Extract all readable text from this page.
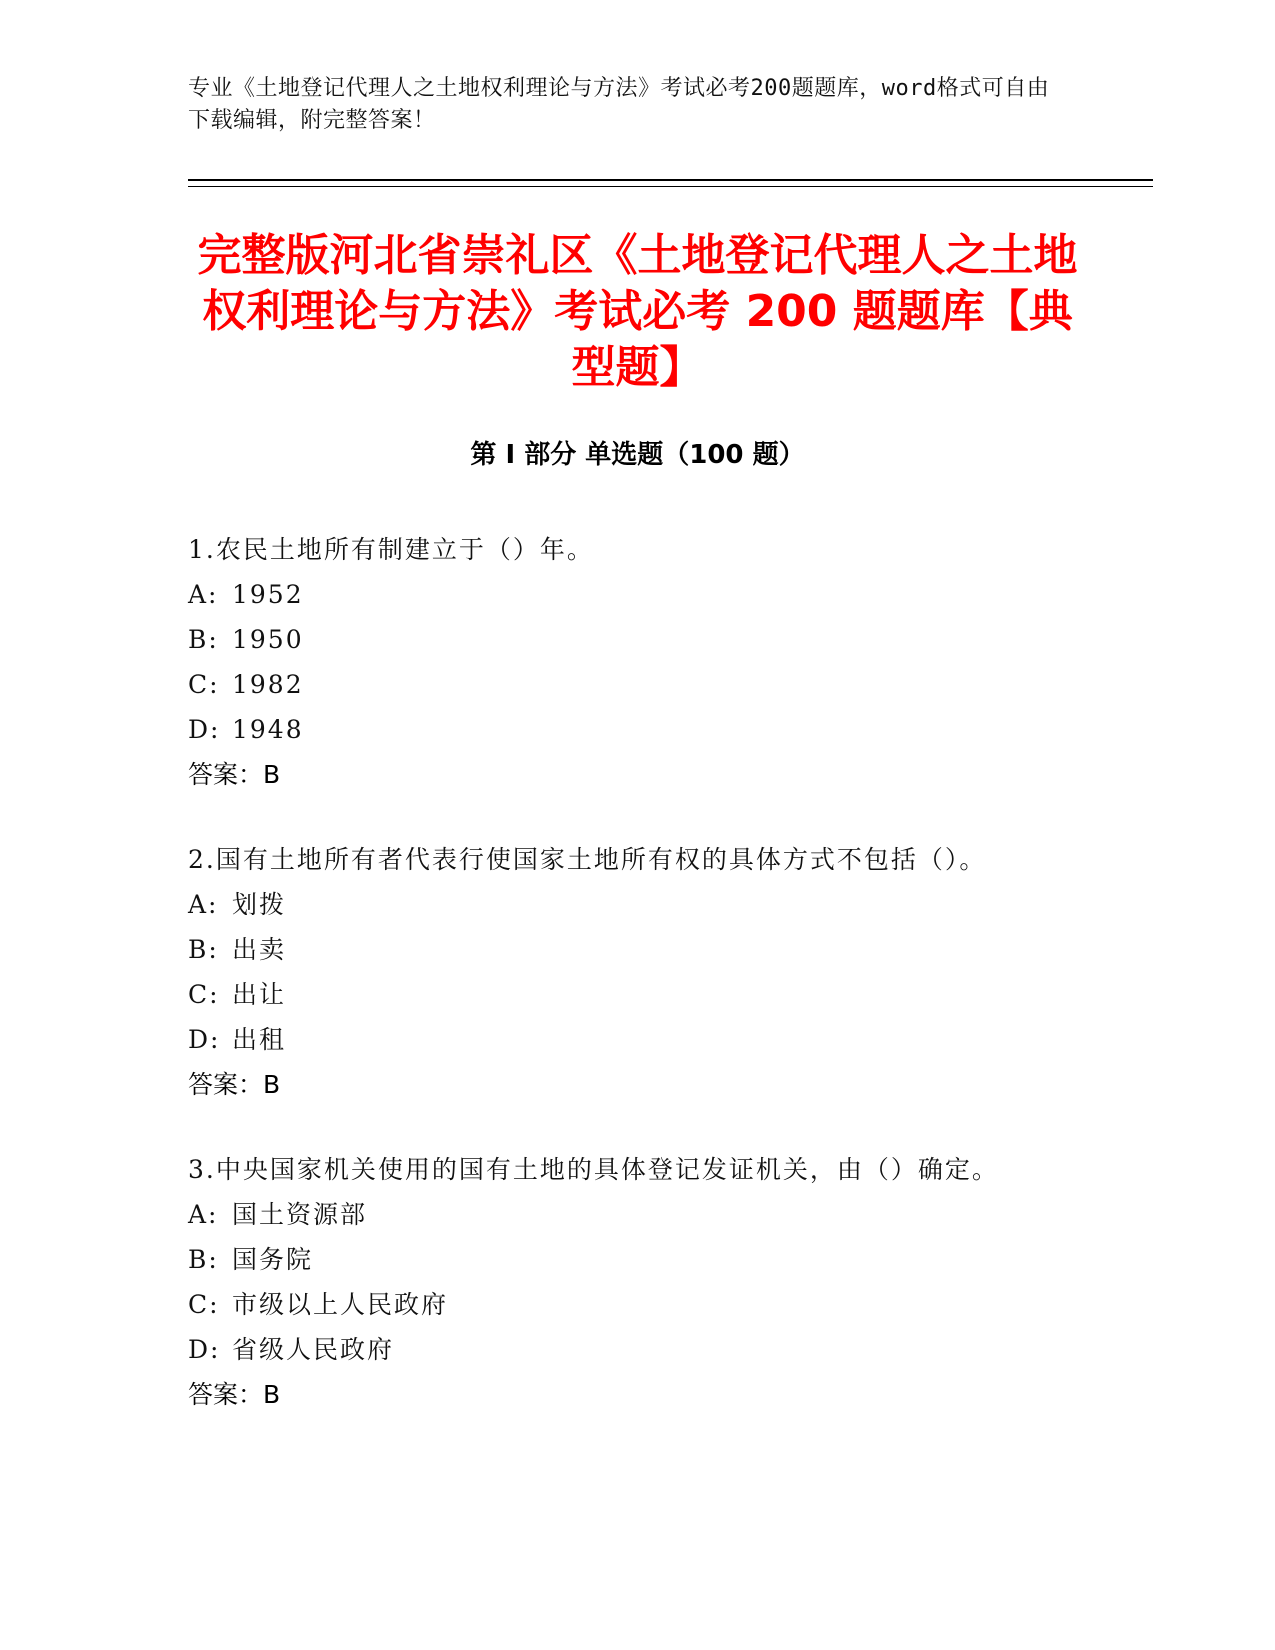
专业《土地登记代理人之土地权利理论与方法》考试必考200题题库，word格式可自由下载编辑，附完整答案！
完整版河北省崇礼区《土地登记代理人之土地权利理论与方法》考试必考 200 题题库【典型题】
第 I 部分 单选题（100 题）
1.农民土地所有制建立于（）年。
A: 1952
B: 1950
C: 1982
D: 1948
答案：B
2.国有土地所有者代表行使国家土地所有权的具体方式不包括（）。
A: 划拨
B: 出卖
C: 出让
D: 出租
答案：B
3.中央国家机关使用的国有土地的具体登记发证机关，由（）确定。
A: 国土资源部
B: 国务院
C: 市级以上人民政府
D: 省级人民政府
答案：B
